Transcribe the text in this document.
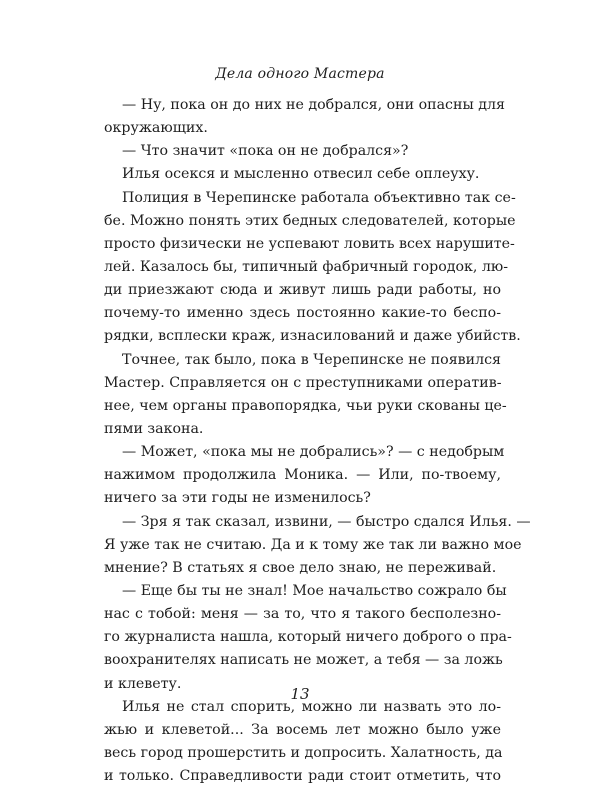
Дела одного Мастера
— Ну, пока он до них не добрался, они опасны для
окружающих.
— Что значит «пока он не добрался»?
Илья осекся и мысленно отвесил себе оплеуху.
Полиция в Черепинске работала объективно так се-
бе. Можно понять этих бедных следователей, которые
просто физически не успевают ловить всех нарушите-
лей. Казалось бы, типичный фабричный городок, лю-
ди приезжают сюда и живут лишь ради работы, но
почему-то именно здесь постоянно какие-то беспо-
рядки, всплески краж, изнасилований и даже убийств.
Точнее, так было, пока в Черепинске не появился
Мастер. Справляется он с преступниками оператив-
нее, чем органы правопорядка, чьи руки скованы це-
пями закона.
— Может, «пока мы не добрались»? — с недобрым
нажимом продолжила Моника. — Или, по-твоему,
ничего за эти годы не изменилось?
— Зря я так сказал, извини, — быстро сдался Илья. —
Я уже так не считаю. Да и к тому же так ли важно мое
мнение? В статьях я свое дело знаю, не переживай.
— Еще бы ты не знал! Мое начальство сожрало бы
нас с тобой: меня — за то, что я такого бесполезно-
го журналиста нашла, который ничего доброго о пра-
воохранителях написать не может, а тебя — за ложь
и клевету.
Илья не стал спорить, можно ли назвать это ло-
жью и клеветой... За восемь лет можно было уже
весь город прошерстить и допросить. Халатность, да
и только. Справедливости ради стоит отметить, что
13
